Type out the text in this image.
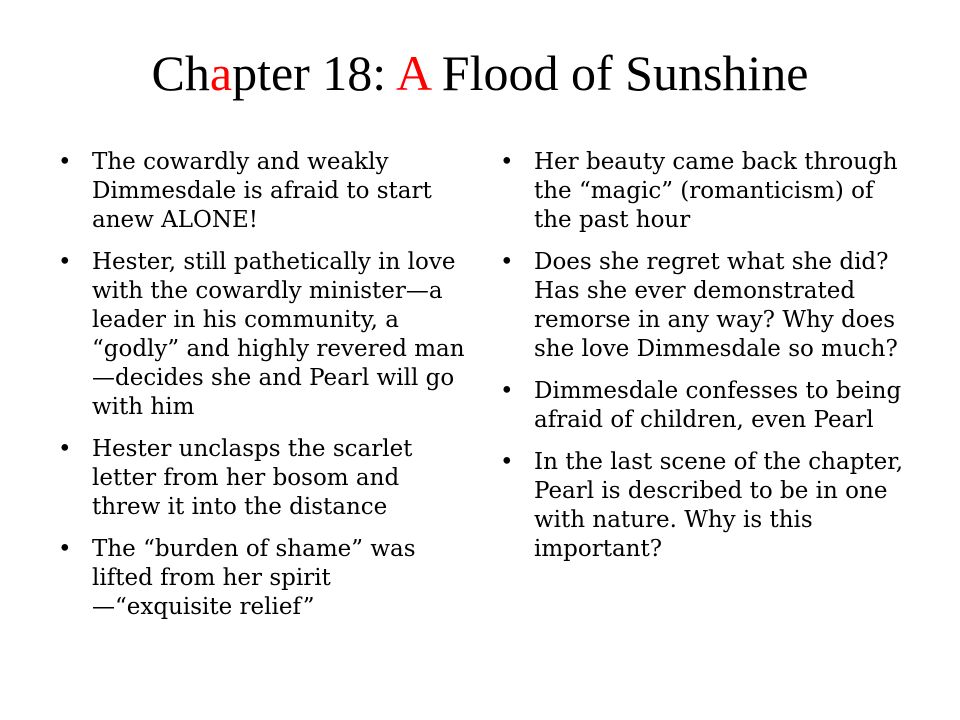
Chapter 18: A Flood of Sunshine
• The cowardly and weakly Dimmesdale is afraid to start anew ALONE!
• Hester, still pathetically in love with the cowardly minister—a leader in his community, a “godly” and highly revered man—decides she and Pearl will go with him
• Hester unclasps the scarlet letter from her bosom and threw it into the distance
• The “burden of shame” was lifted from her spirit—“exquisite relief”
• Her beauty came back through the “magic” (romanticism) of the past hour
• Does she regret what she did? Has she ever demonstrated remorse in any way? Why does she love Dimmesdale so much?
• Dimmesdale confesses to being afraid of children, even Pearl
• In the last scene of the chapter, Pearl is described to be in one with nature. Why is this important?
